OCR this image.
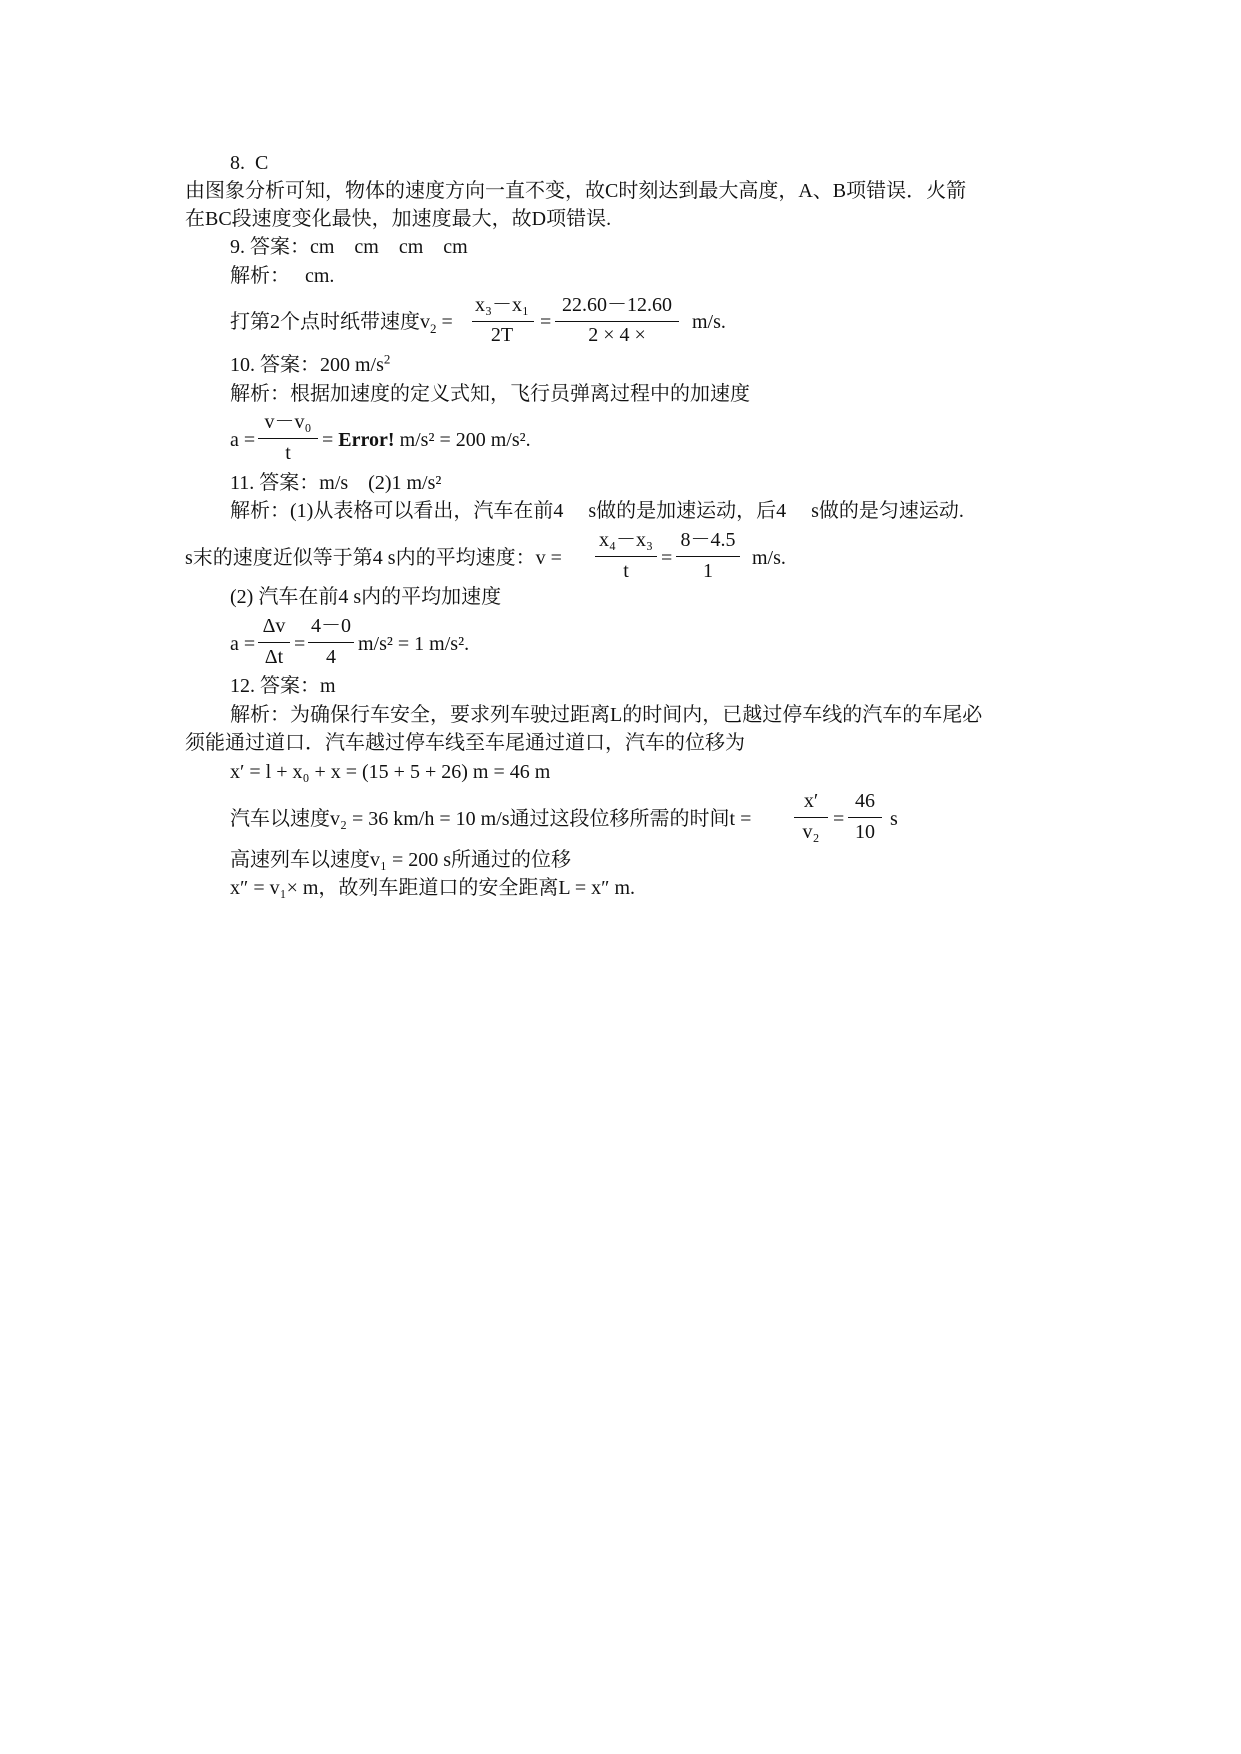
8. C
由图象分析可知，物体的速度方向一直不变，故C时刻达到最大高度，A、B项错误．火箭
在BC段速度变化最快，加速度最大，故D项错误.
9. 答案：cm    cm    cm    cm
解析： cm.
打第2个点时纸带速度$v_2$ =
x₃－x₁
2T
=
22.60－12.60
2 × 4 ×
m/s.
10. 答案：200 $m/s^2$
解析：根据加速度的定义式知，飞行员弹离过程中的加速度
a =
v－v₀
t
= Error! m/s² = 200 m/s².
11. 答案：m/s    (2)1 m/s²
解析：(1)从表格可以看出，汽车在前4     s做的是加速运动，后4     s做的是匀速运动.
s末的速度近似等于第4 s内的平均速度：v =
x₄－x₃
t
=
8－4.5
1
m/s.
(2) 汽车在前4 s内的平均加速度
a =
Δv
Δt
=
4－0
4
m/s² = 1 m/s².
12. 答案：m
解析：为确保行车安全，要求列车驶过距离L的时间内，已越过停车线的汽车的车尾必
须能通过道口．汽车越过停车线至车尾通过道口，汽车的位移为
x′ = l + x₀ + x = (15 + 5 + 26) m = 46 m
汽车以速度v₂ = 36 km/h = 10 m/s通过这段位移所需的时间t =
x′
v₂
=
46
10
s
高速列车以速度v₁ = 200 s所通过的位移
x″ = v₁× m，故列车距道口的安全距离L = x″ m.
